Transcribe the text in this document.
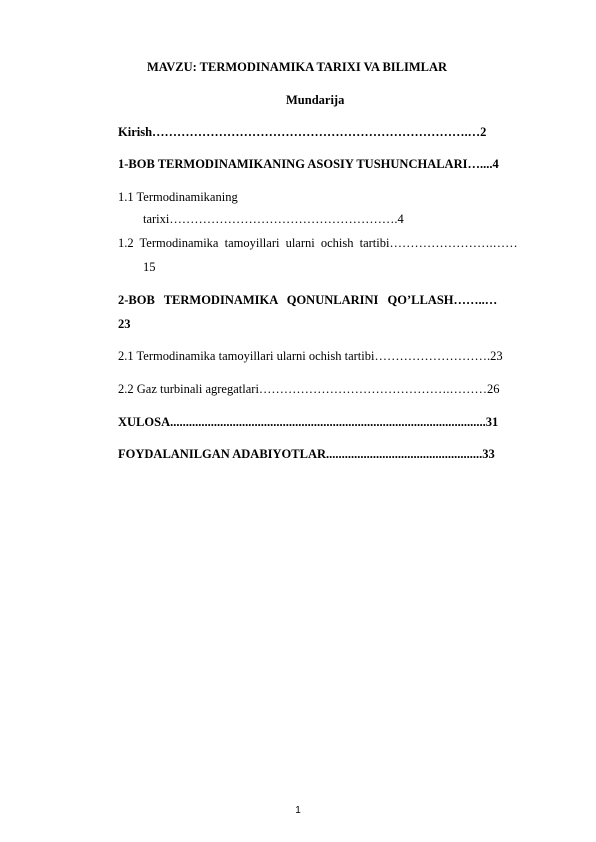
MAVZU: TERMODINAMIKA TARIXI VA BILIMLAR
Mundarija
Kirish………………………………………………………………….…2
1-BOB TERMODINAMIKANING ASOSIY TUSHUNCHALARI…....4
1.1 Termodinamikaning
tarixi……………………………………………….4
1.2 Termodinamika tamoyillari ularni ochish tartibi…………………….……
15
2-BOB TERMODINAMIKA QONUNLARINI QO’LLASH……..…
23
2.1 Termodinamika tamoyillari ularni ochish tartibi……………………….23
2.2 Gaz turbinali agregatlari……………………………………….………26
XULOSA.....................................................................................................31
FOYDALANILGAN ADABIYOTLAR..................................................33
1
